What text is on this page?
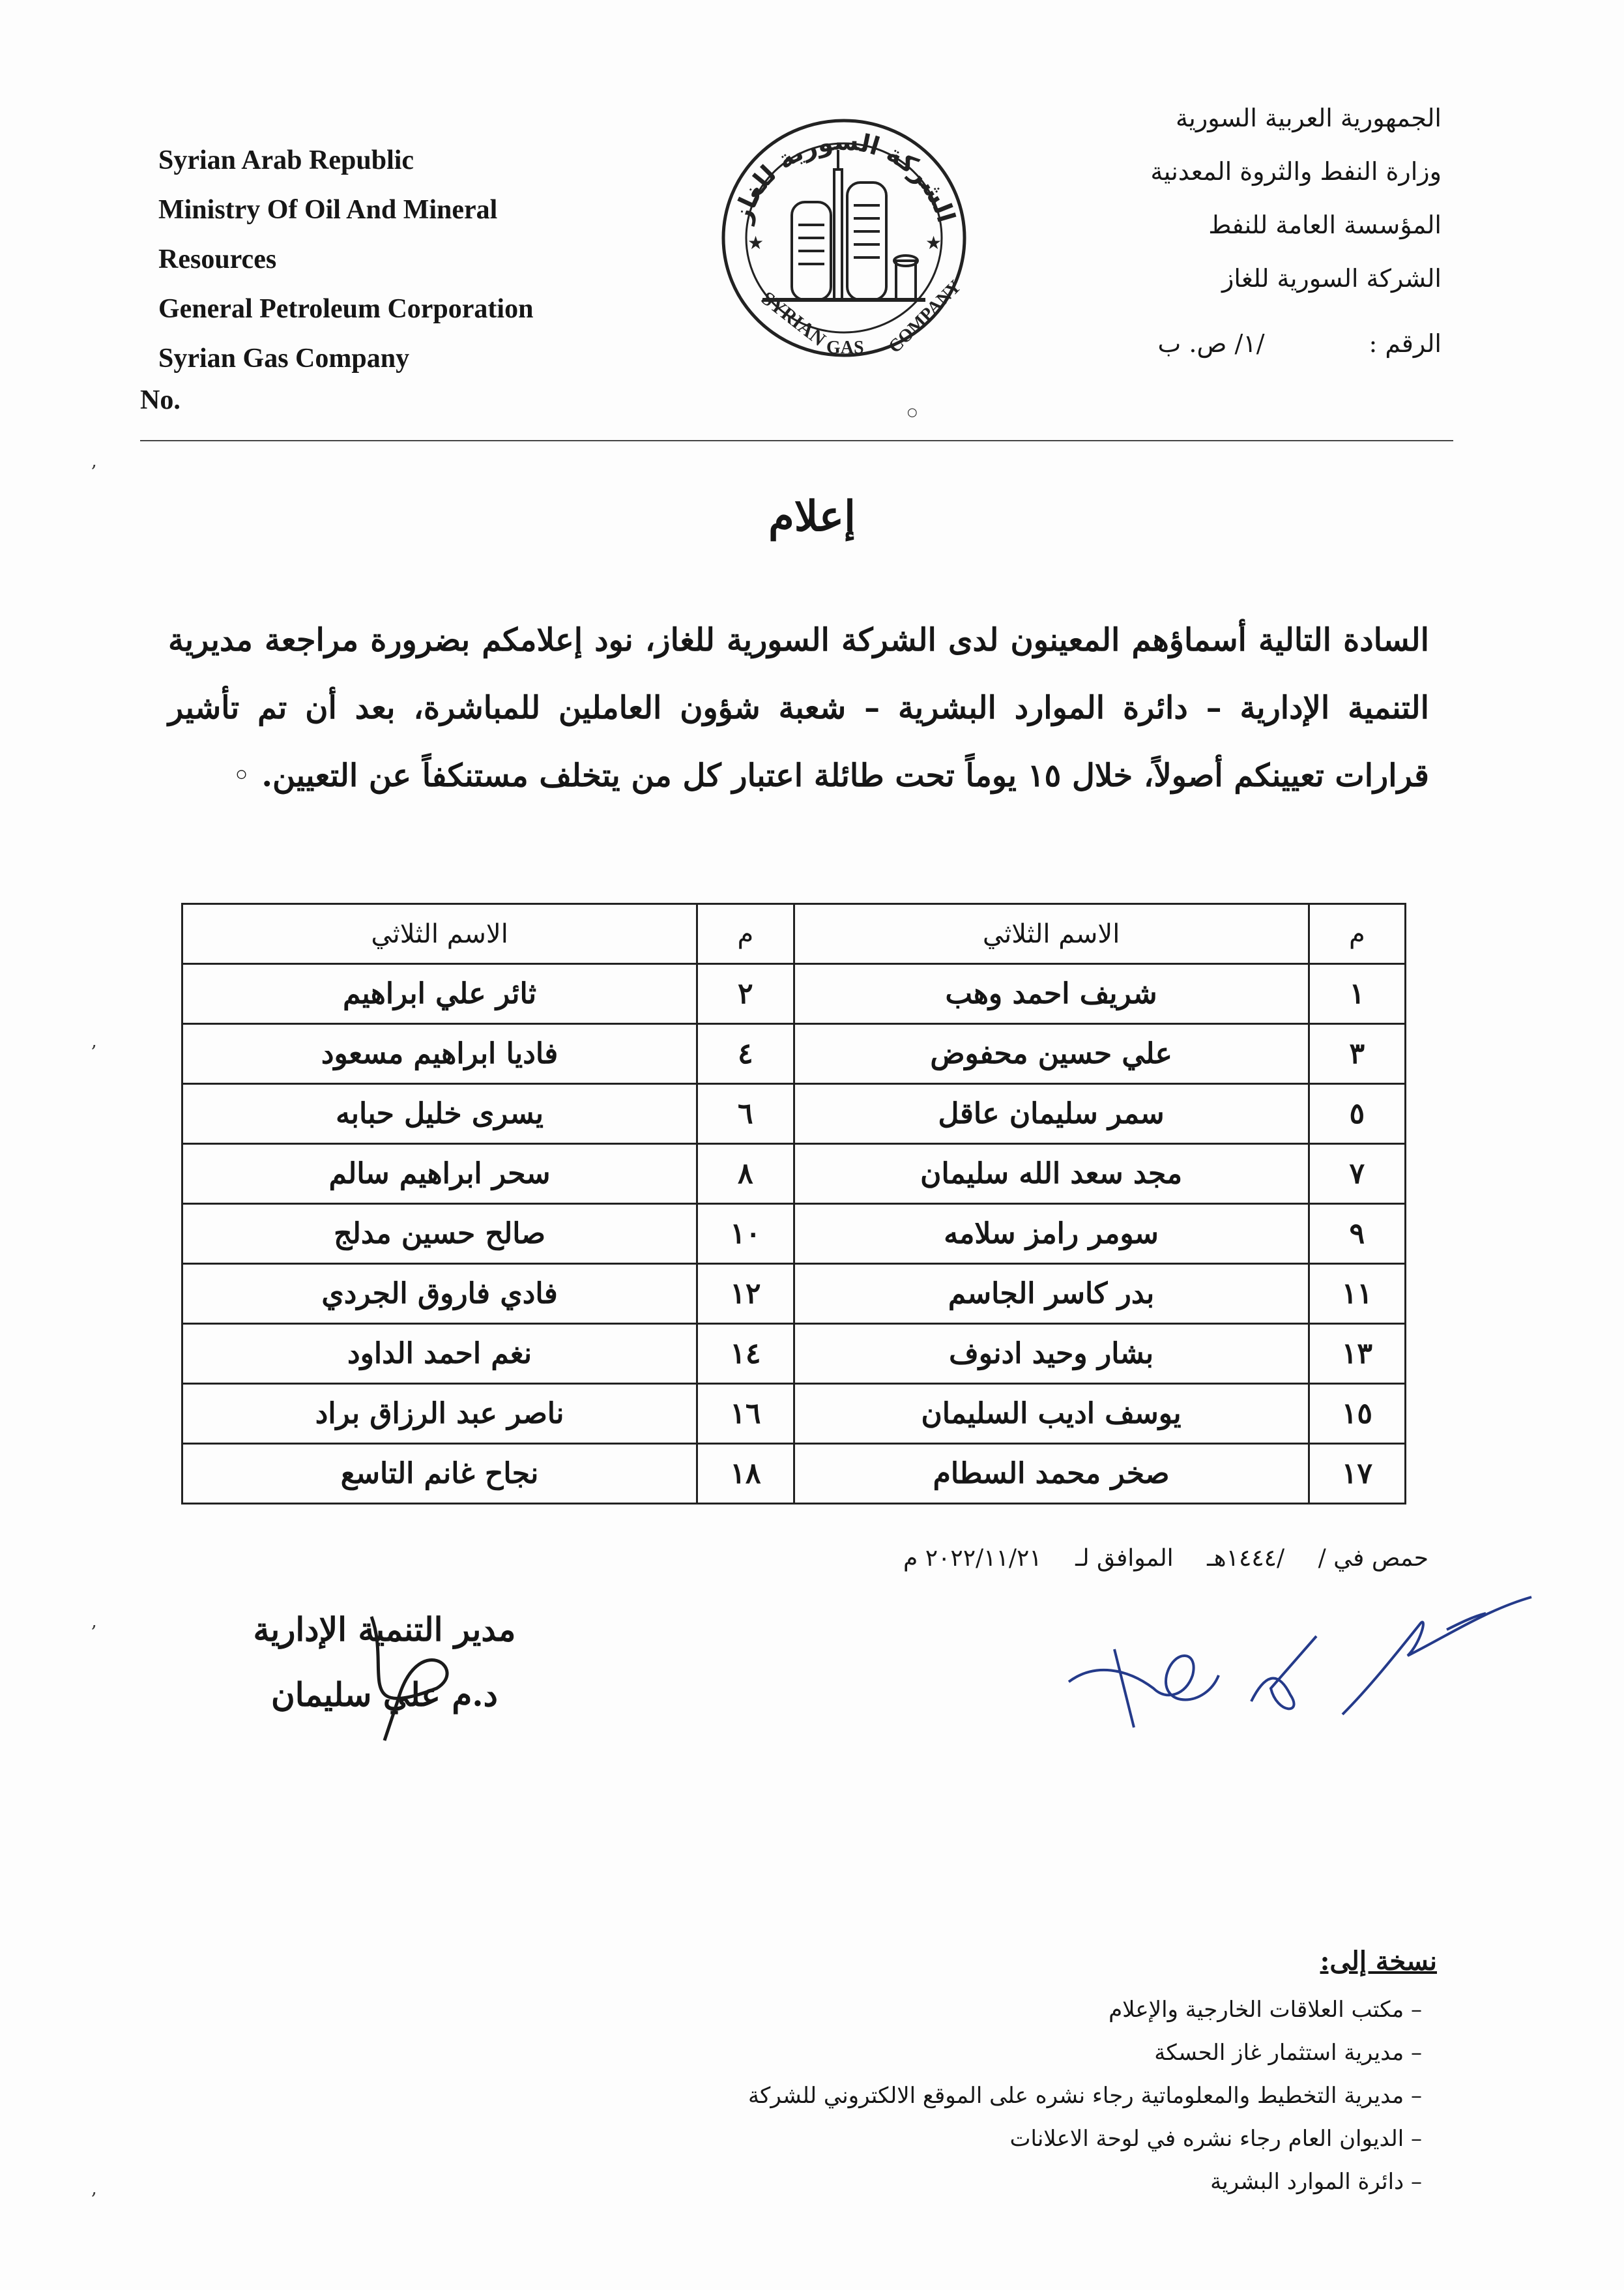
Syrian Arab Republic
Ministry Of Oil And Mineral
Resources
General Petroleum Corporation
Syrian Gas Company
No.
الشركة السورية للغاز
★	★
SYRIAN
GAS COMPANY
الجمهورية العربية السورية
وزارة النفط والثروة المعدنية
المؤسسة العامة للنفط
الشركة السورية للغاز
الرقم :/١/ ص. ب
إعلام
السادة التالية أسماؤهم المعينون لدى الشركة السورية للغاز، نود إعلامكم بضرورة مراجعة مديرية التنمية الإدارية – دائرة الموارد البشرية – شعبة شؤون العاملين للمباشرة، بعد أن تم تأشير قرارات تعيينكم أصولاً، خلال ١٥ يوماً تحت طائلة اعتبار كل من يتخلف مستنكفاً عن التعيين. ◦
م	الاسم الثلاثي	م	الاسم الثلاثي
١	شريف احمد وهب	٢	ثائر علي ابراهيم
٣	علي حسين محفوض	٤	فاديا ابراهيم مسعود
٥	سمر سليمان عاقل	٦	يسرى خليل حبابه
٧	مجد سعد الله سليمان	٨	سحر ابراهيم سالم
٩	سومر رامز سلامه	١٠	صالح حسين مدلج
١١	بدر كاسر الجاسم	١٢	فادي فاروق الجردي
١٣	بشار وحيد ادنوف	١٤	نغم احمد الداود
١٥	يوسف اديب السليمان	١٦	ناصر عبد الرزاق براد
١٧	صخر محمد السطام	١٨	نجاح غانم التاسع
حمص في / /١٤٤٤هـ الموافق لـ ٢٠٢٢/١١/٢١ م
مدير التنمية الإدارية
د.م علي سليمان
نسخة إلى:
– مكتب العلاقات الخارجية والإعلام
– مديرية استثمار غاز الحسكة
– مديرية التخطيط والمعلوماتية رجاء نشره على الموقع الالكتروني للشركة
– الديوان العام رجاء نشره في لوحة الاعلانات
– دائرة الموارد البشرية
,
,
,
,
○
